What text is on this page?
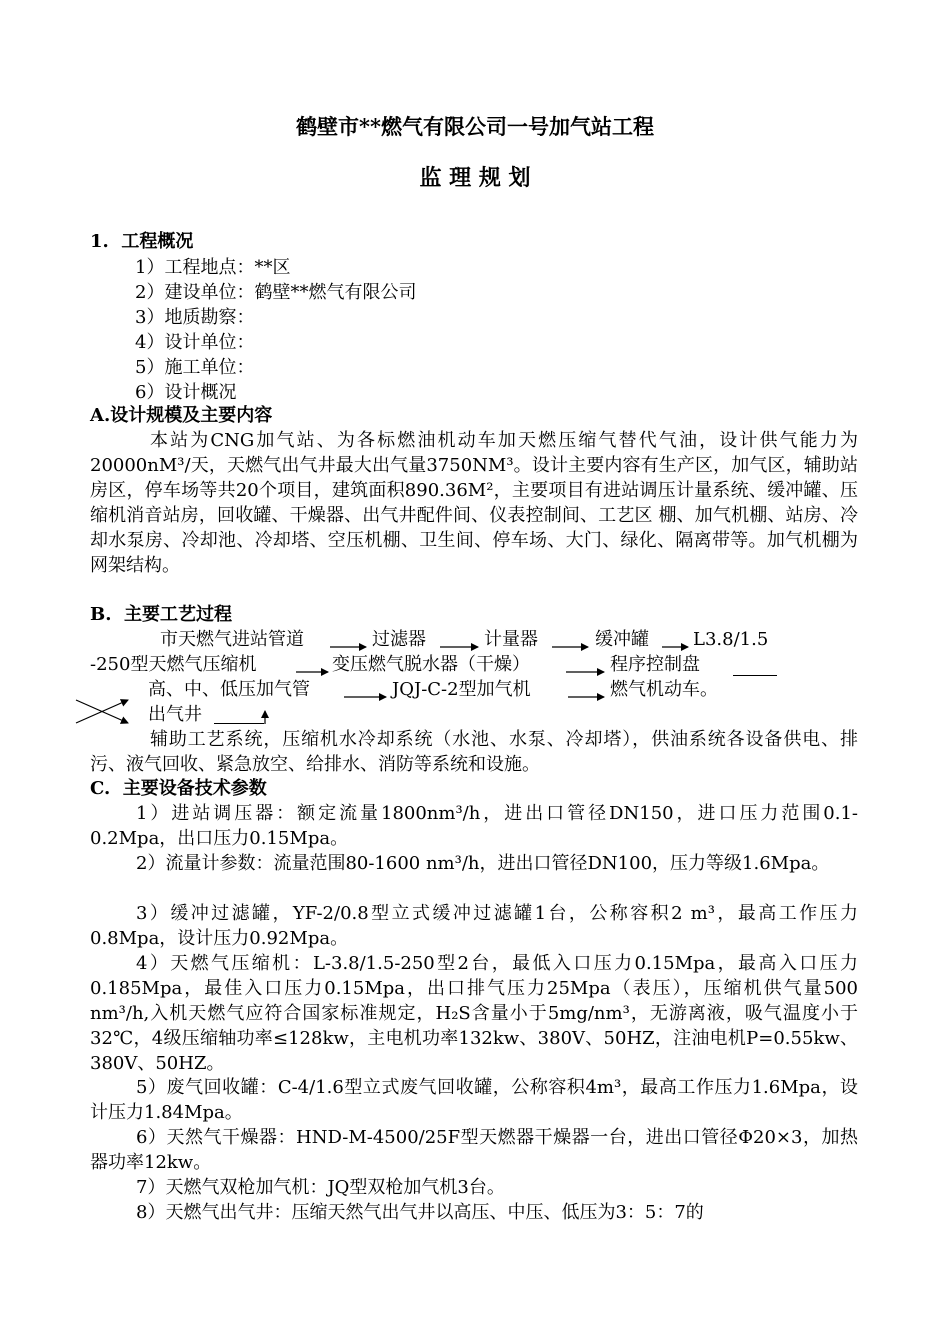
鹤壁市**燃气有限公司一号加气站工程
监 理 规 划
1.  工程概况
1）工程地点：**区
2）建设单位：鹤壁**燃气有限公司
3）地质勘察：
4）设计单位：
5）施工单位：
6）设计概况
A.设计规模及主要内容
本站为CNG加气站、为各标燃油机动车加天燃压缩气替代气油，设计供气能力为20000nM³/天，天燃气出气井最大出气量3750NM³。设计主要内容有生产区，加气区，辅助站房区，停车场等共20个项目，建筑面积890.36M²，主要项目有进站调压计量系统、缓冲罐、压缩机消音站房，回收罐、干燥器、出气井配件间、仪表控制间、工艺区 棚、加气机棚、站房、冷却水泵房、冷却池、冷却塔、空压机棚、卫生间、停车场、大门、绿化、隔离带等。加气机棚为网架结构。
B.  主要工艺过程
市天燃气进站管道	过滤器	计量器	缓冲罐 L3.8/1.5
-250型天燃气压缩机	变压燃气脱水器（干燥）	程序控制盘
高、中、低压加气管	JQJ-C-2型加气机	燃气机动车。
出气井
辅助工艺系统，压缩机水冷却系统（水池、水泵、冷却塔），供油系统各设备供电、排污、液气回收、紧急放空、给排水、消防等系统和设施。
C.  主要设备技术参数
1）进站调压器：额定流量1800nm³/h，进出口管径DN150，进口压力范围0.1-0.2Mpa，出口压力0.15Mpa。
2）流量计参数：流量范围80-1600 nm³/h，进出口管径DN100，压力等级1.6Mpa。
3）缓冲过滤罐，YF-2/0.8型立式缓冲过滤罐1台，公称容积2 m³，最高工作压力0.8Mpa，设计压力0.92Mpa。
4）天燃气压缩机：L-3.8/1.5-250型2台，最低入口压力0.15Mpa，最高入口压力0.185Mpa，最佳入口压力0.15Mpa，出口排气压力25Mpa（表压），压缩机供气量500 nm³/h,入机天燃气应符合国家标准规定，H₂S含量小于5mg/nm³，无游离液，吸气温度小于32℃，4级压缩轴功率≤128kw，主电机功率132kw、380V、50HZ，注油电机P=0.55kw、380V、50HZ。
5）废气回收罐：C-4/1.6型立式废气回收罐，公称容积4m³，最高工作压力1.6Mpa，设计压力1.84Mpa。
6）天然气干燥器：HND-M-4500/25F型天燃器干燥器一台，进出口管径Φ20×3，加热器功率12kw。
7）天燃气双枪加气机：JQ型双枪加气机3台。
8）天燃气出气井：压缩天然气出气井以高压、中压、低压为3：5：7的
